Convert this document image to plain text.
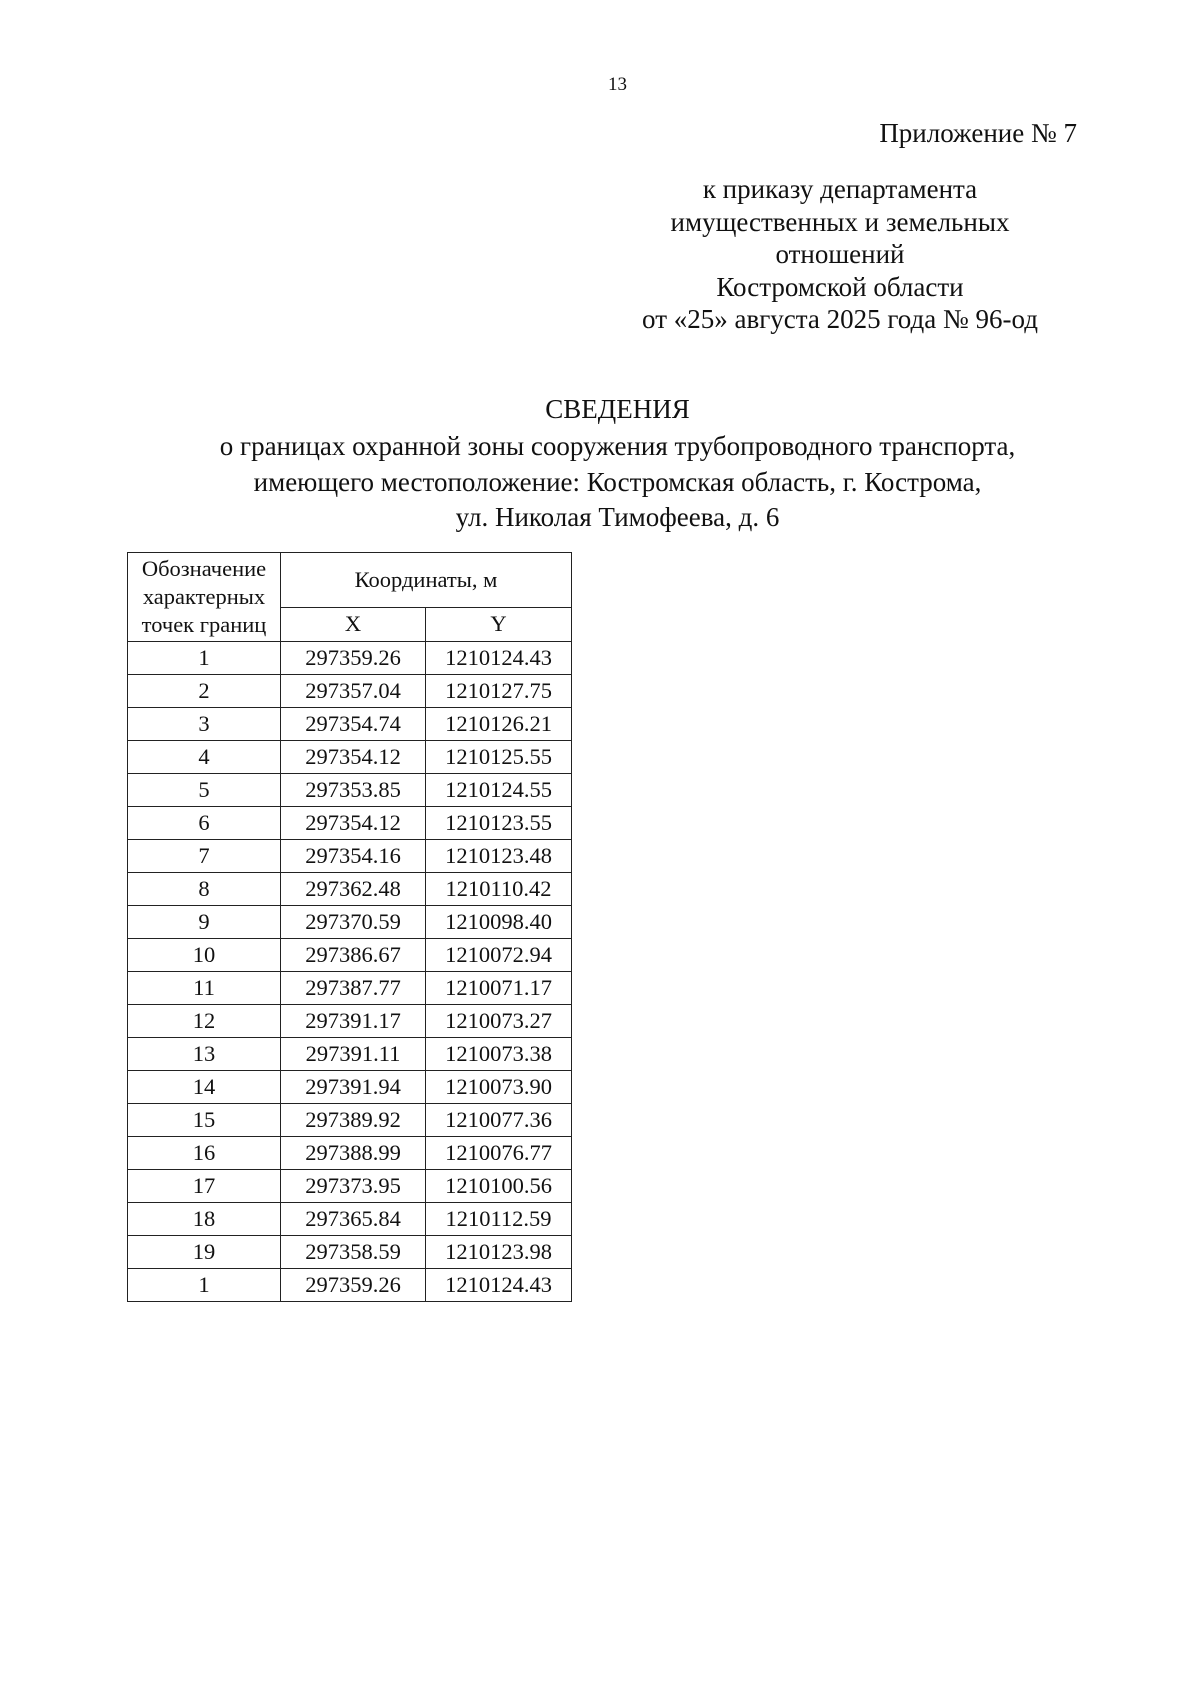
13
Приложение № 7
к приказу департамента
имущественных и земельных
отношений
Костромской области
от «25» августа 2025 года № 96-од
СВЕДЕНИЯ
о границах охранной зоны сооружения трубопроводного транспорта,
имеющего местоположение: Костромская область, г. Кострома,
ул. Николая Тимофеева, д. 6
Обозначение
характерных
точек границ	Координаты, м	
	X	Y
1	297359.26	1210124.43
2	297357.04	1210127.75
3	297354.74	1210126.21
4	297354.12	1210125.55
5	297353.85	1210124.55
6	297354.12	1210123.55
7	297354.16	1210123.48
8	297362.48	1210110.42
9	297370.59	1210098.40
10	297386.67	1210072.94
11	297387.77	1210071.17
12	297391.17	1210073.27
13	297391.11	1210073.38
14	297391.94	1210073.90
15	297389.92	1210077.36
16	297388.99	1210076.77
17	297373.95	1210100.56
18	297365.84	1210112.59
19	297358.59	1210123.98
1	297359.26	1210124.43
